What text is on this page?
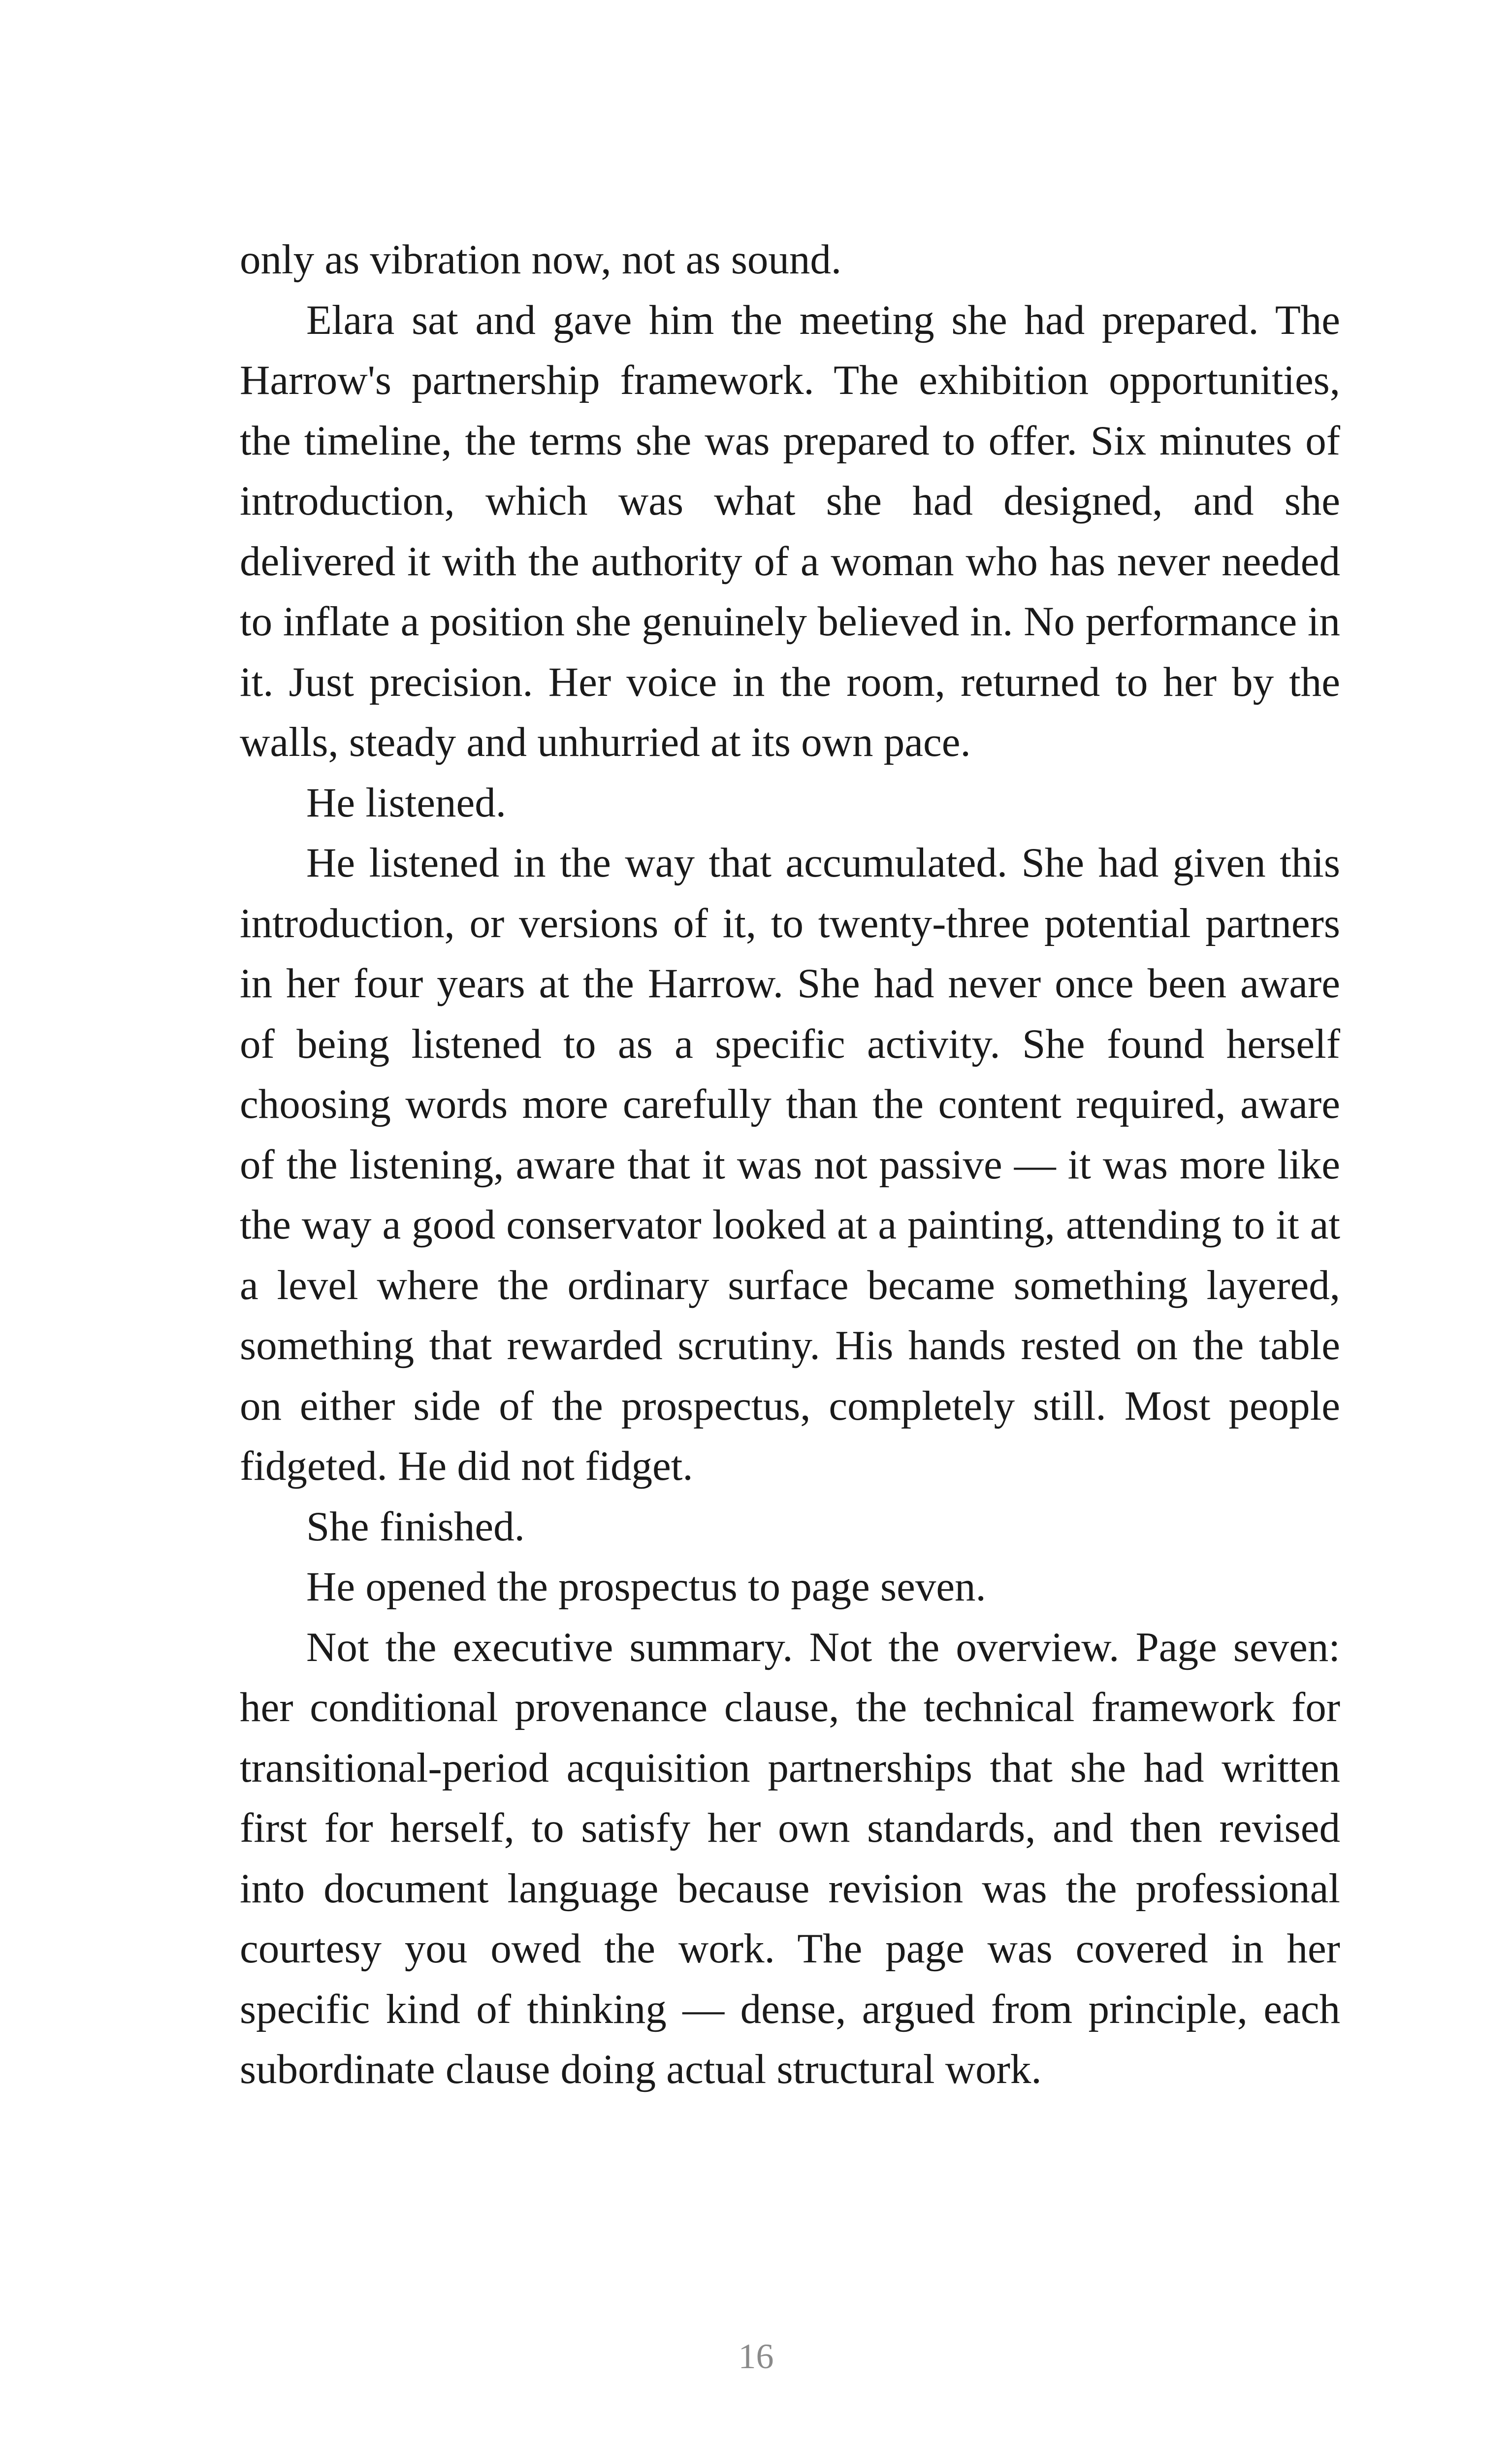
only as vibration now, not as sound.

Elara sat and gave him the meeting she had prepared. The Harrow's partnership framework. The exhibition opportunities, the timeline, the terms she was prepared to offer. Six minutes of introduction, which was what she had designed, and she delivered it with the authority of a woman who has never needed to inflate a position she genuinely believed in. No performance in it. Just precision. Her voice in the room, returned to her by the walls, steady and unhurried at its own pace.

He listened.

He listened in the way that accumulated. She had given this introduction, or versions of it, to twenty-three potential partners in her four years at the Harrow. She had never once been aware of being listened to as a specific activity. She found herself choosing words more carefully than the content required, aware of the listening, aware that it was not passive — it was more like the way a good conservator looked at a painting, attending to it at a level where the ordinary surface became something layered, something that rewarded scrutiny. His hands rested on the table on either side of the prospectus, completely still. Most people fidgeted. He did not fidget.

She finished.

He opened the prospectus to page seven.

Not the executive summary. Not the overview. Page seven: her conditional provenance clause, the technical framework for transitional-period acquisition partnerships that she had written first for herself, to satisfy her own standards, and then revised into document language because revision was the professional courtesy you owed the work. The page was covered in her specific kind of thinking — dense, argued from principle, each subordinate clause doing actual structural work.

16
